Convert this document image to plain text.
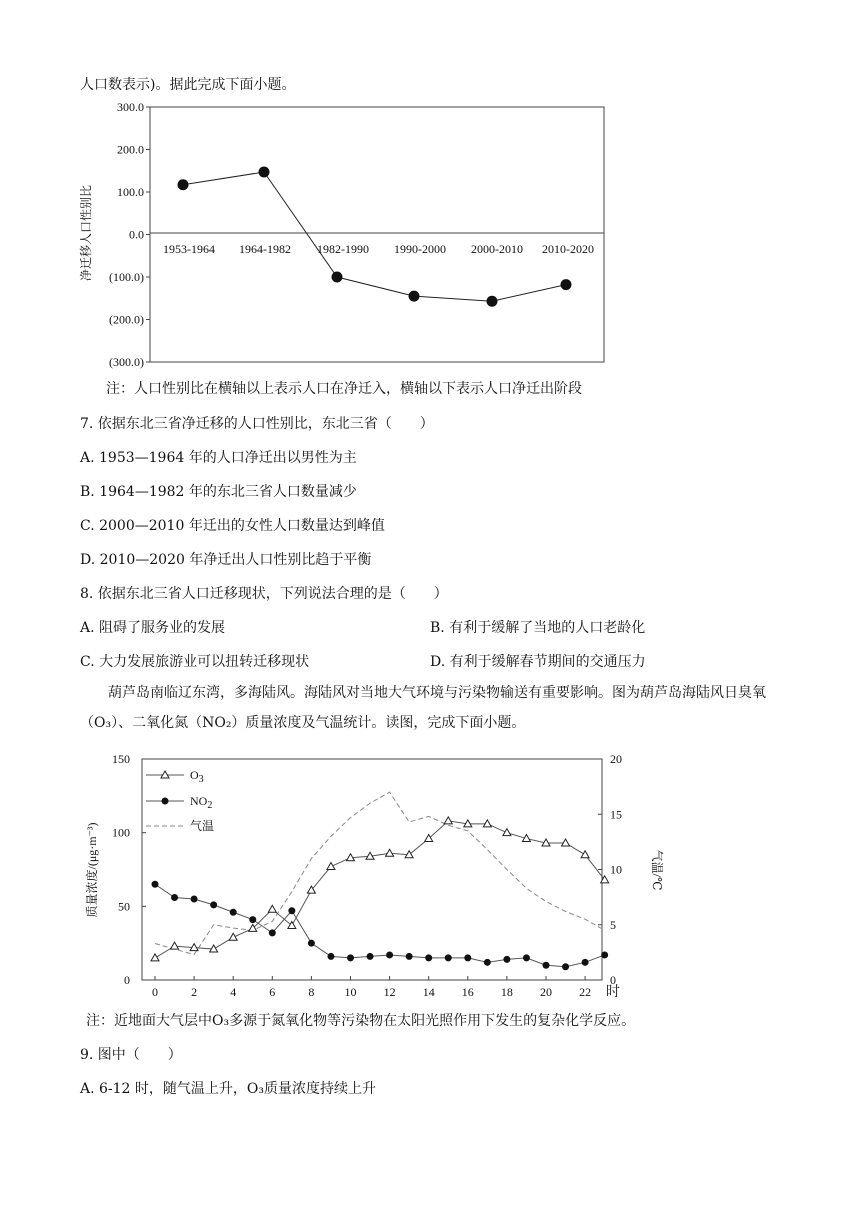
人口数表示)。据此完成下面小题。
净迁移人口性别比
300.0
200.0
100.0
0.0
(100.0)
(200.0)
(300.0)
1953-1964 1964-1982 1982-1990 1990-2000 2000-2010 2010-2020
注：人口性别比在横轴以上表示人口在净迁入，横轴以下表示人口净迁出阶段
7. 依据东北三省净迁移的人口性别比，东北三省（　　）
A. 1953—1964 年的人口净迁出以男性为主
B. 1964—1982 年的东北三省人口数量减少
C. 2000—2010 年迁出的女性人口数量达到峰值
D. 2010—2020 年净迁出人口性别比趋于平衡
8. 依据东北三省人口迁移现状，下列说法合理的是（　　）
A. 阻碍了服务业的发展	B. 有利于缓解了当地的人口老龄化
C. 大力发展旅游业可以扭转迁移现状	D. 有利于缓解春节期间的交通压力
葫芦岛南临辽东湾，多海陆风。海陆风对当地大气环境与污染物输送有重要影响。图为葫芦岛海陆风日臭氧（O₃）、二氧化氮（NO₂）质量浓度及气温统计。读图，完成下面小题。
质量浓度/(μg·m⁻³)	气温/℃
时
0
50
100
150
0
5
10
15
20
0	2	4	6	8	10 12 14 16 18 20 22
$O_3$
$NO_2$
气温
注：近地面大气层中O₃多源于氮氧化物等污染物在太阳光照作用下发生的复杂化学反应。
9. 图中（　　）
A. 6-12 时，随气温上升，O₃质量浓度持续上升
